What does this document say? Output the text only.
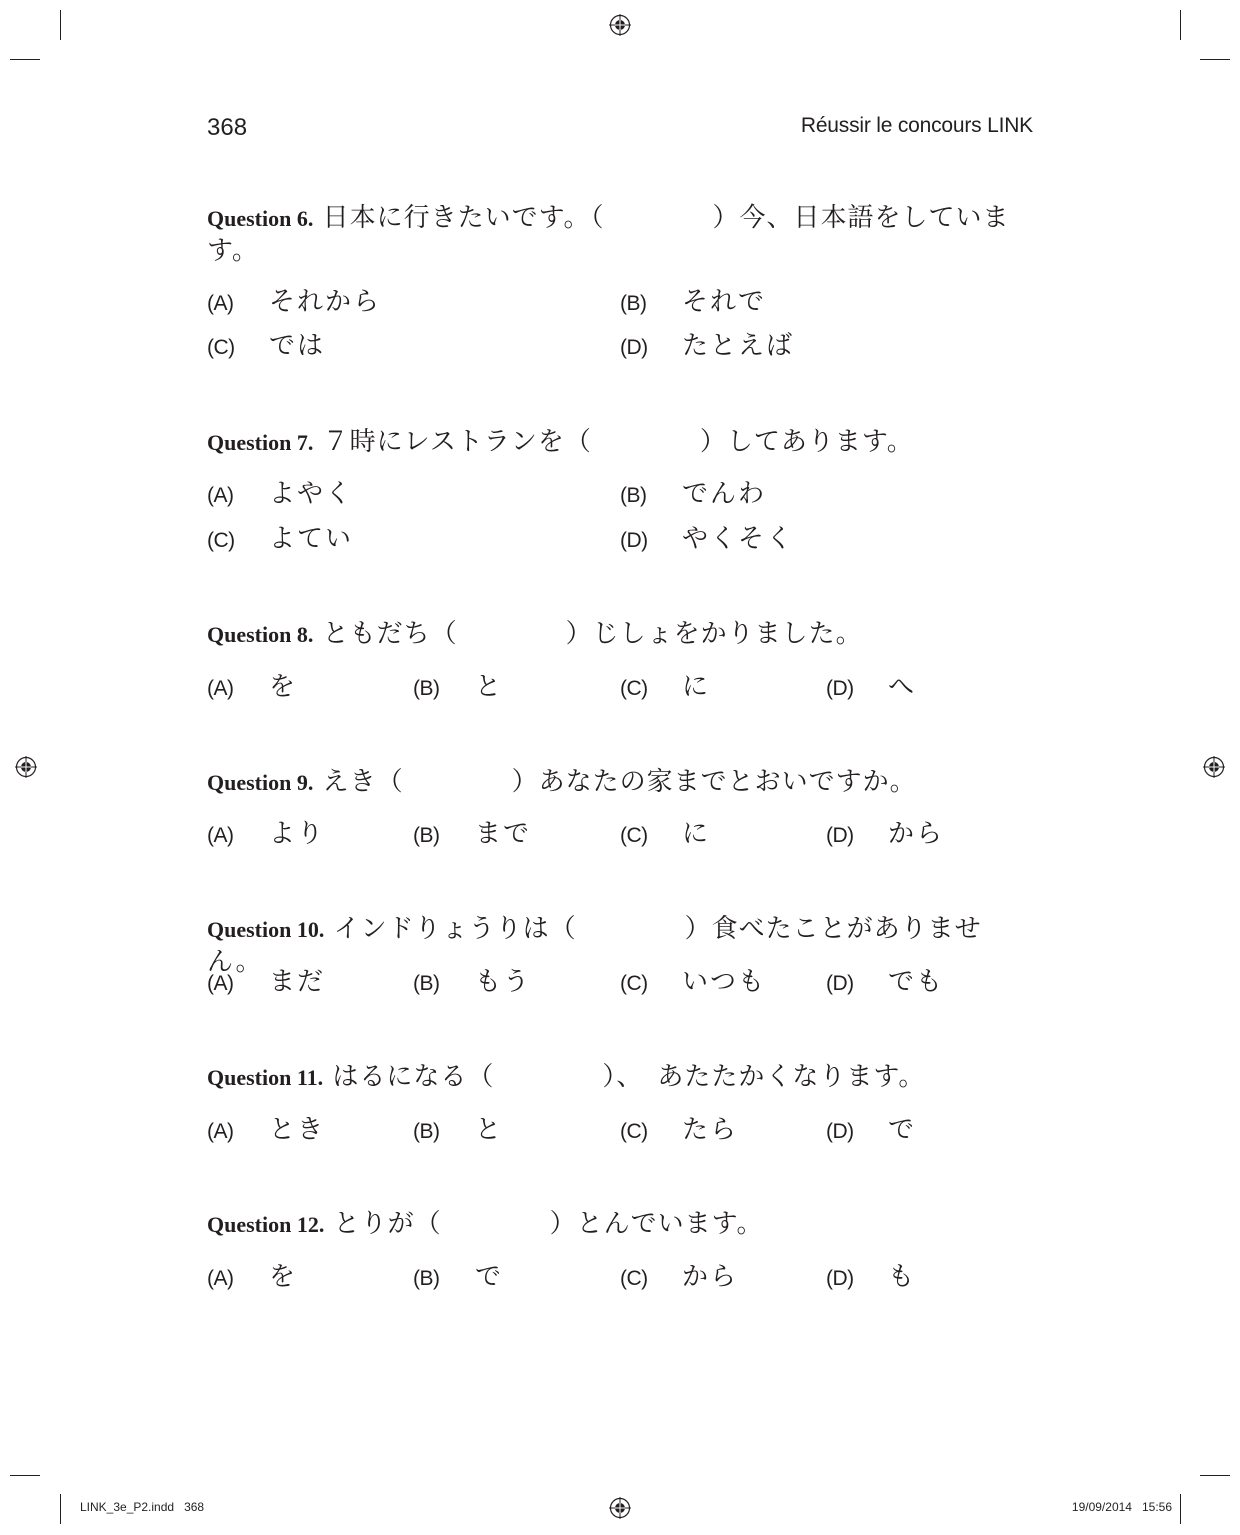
368	Réussir le concours LINK
Question 6. 日本に行きたいです。（　　　　）今、日本語をしています。
(A) それから	(B) それで
(C) では	(D) たとえば
Question 7. ７時にレストランを（　　　　）してあります。
(A) よやく	(B) でんわ
(C) よてい	(D) やくそく
Question 8. ともだち（　　　　）じしょをかりました。
(A) を	(B) と	(C) に	(D) へ
Question 9. えき（　　　　）あなたの家までとおいですか。
(A) より	(B) まで	(C) に	(D) から
Question 10. インドりょうりは（　　　　）食べたことがありません。
(A) まだ	(B) もう	(C) いつも	(D) でも
Question 11. はるになる（　　　　）、　あたたかくなります。
(A) とき	(B) と	(C) たら	(D) で
Question 12. とりが（　　　　）とんでいます。
(A) を	(B) で	(C) から	(D) も
LINK_3e_P2.indd   368	19/09/2014   15:56
